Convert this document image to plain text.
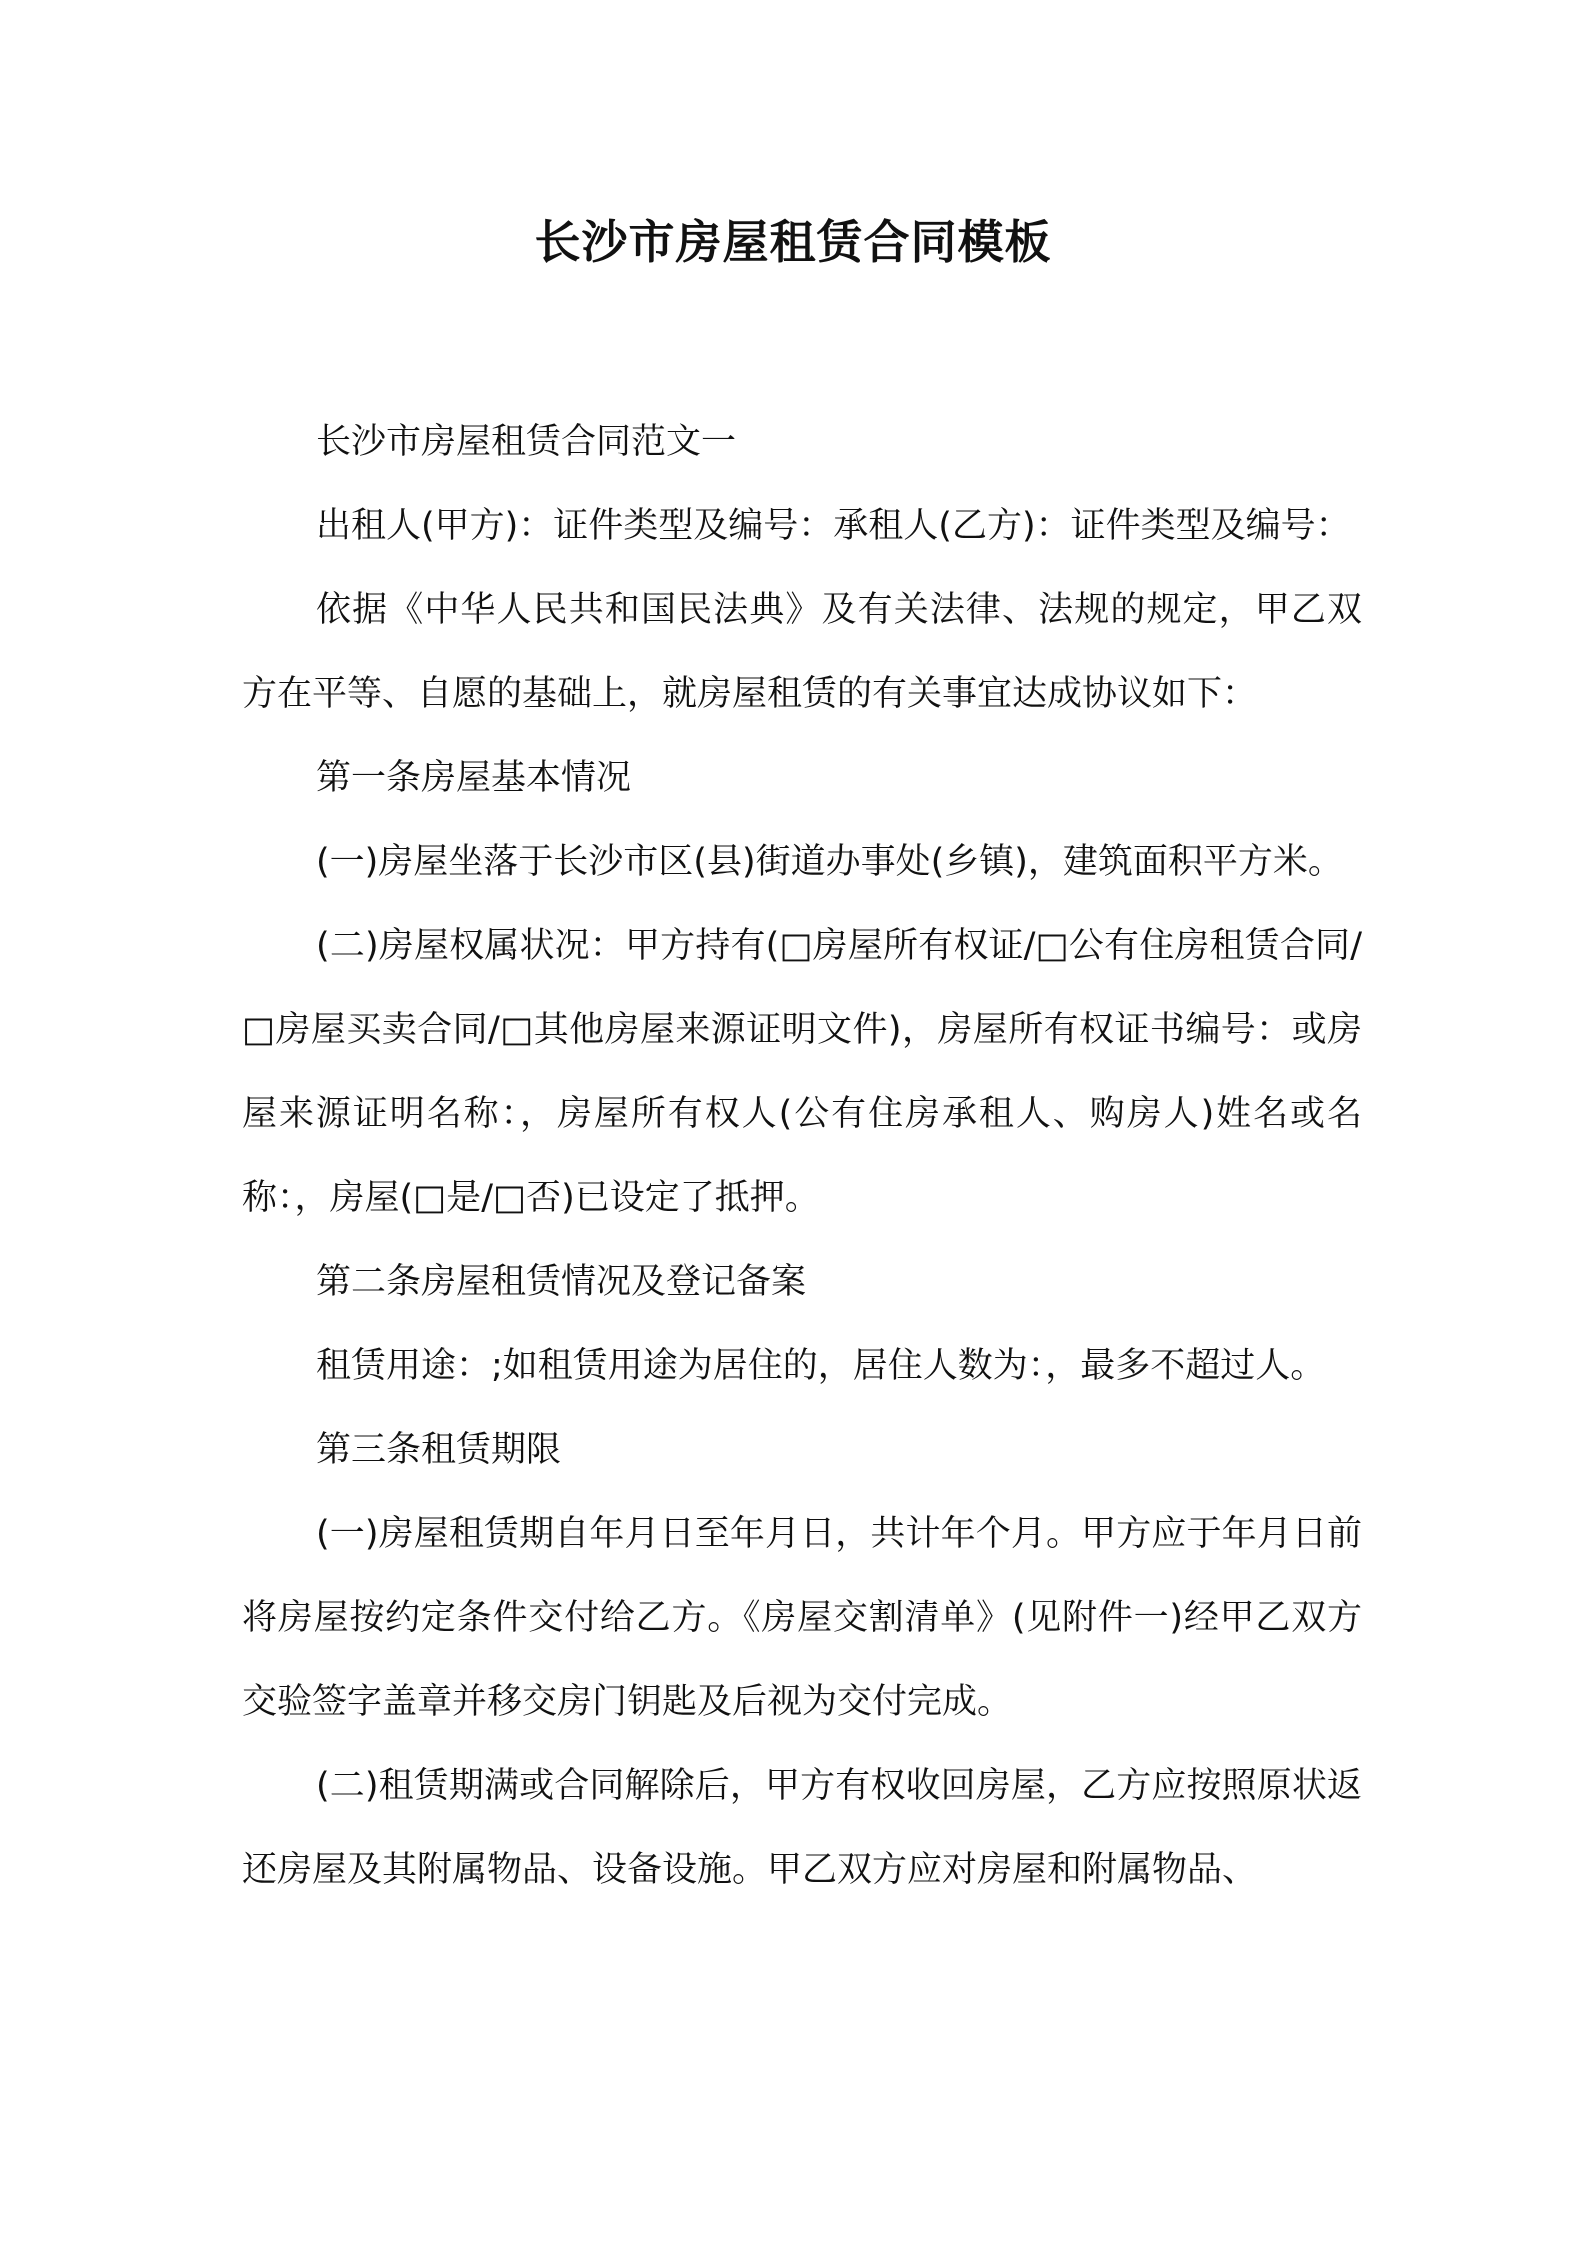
长沙市房屋租赁合同模板

长沙市房屋租赁合同范文一

出租人(甲方)：证件类型及编号：承租人(乙方)：证件类型及编号：

依据《中华人民共和国民法典》及有关法律、法规的规定，甲乙双方在平等、自愿的基础上，就房屋租赁的有关事宜达成协议如下：

第一条房屋基本情况

(一)房屋坐落于长沙市区(县)街道办事处(乡镇)，建筑面积平方米。

(二)房屋权属状况：甲方持有(□房屋所有权证/□公有住房租赁合同/□房屋买卖合同/□其他房屋来源证明文件)，房屋所有权证书编号：或房屋来源证明名称：，房屋所有权人(公有住房承租人、购房人)姓名或名称：，房屋(□是/□否)已设定了抵押。

第二条房屋租赁情况及登记备案

租赁用途：;如租赁用途为居住的，居住人数为：，最多不超过人。

第三条租赁期限

(一)房屋租赁期自年月日至年月日，共计年个月。甲方应于年月日前将房屋按约定条件交付给乙方。《房屋交割清单》(见附件一)经甲乙双方交验签字盖章并移交房门钥匙及后视为交付完成。

(二)租赁期满或合同解除后，甲方有权收回房屋，乙方应按照原状返还房屋及其附属物品、设备设施。甲乙双方应对房屋和附属物品、
